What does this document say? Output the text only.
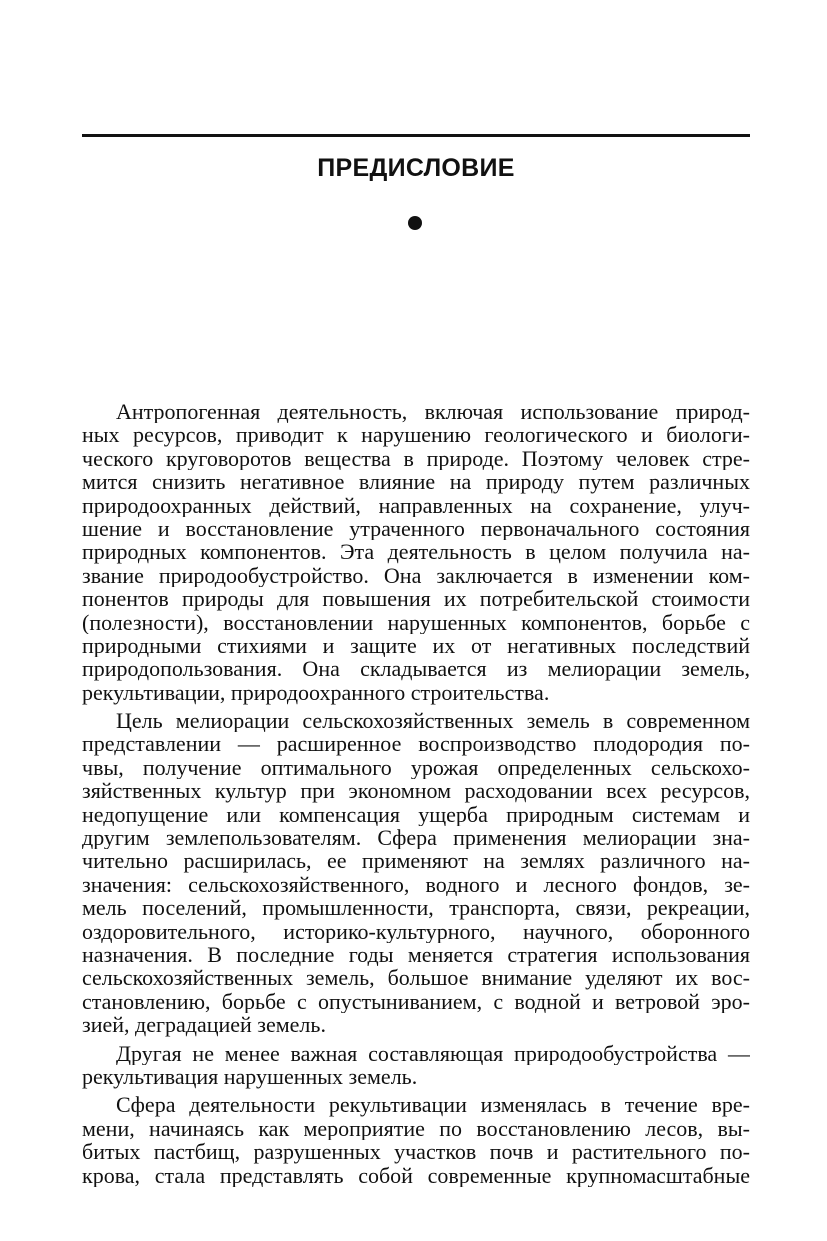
ПРЕДИСЛОВИЕ
Антропогенная деятельность, включая использование природ-
ных ресурсов, приводит к нарушению геологического и биологи-
ческого круговоротов вещества в природе. Поэтому человек стре-
мится снизить негативное влияние на природу путем различных
природоохранных действий, направленных на сохранение, улуч-
шение и восстановление утраченного первоначального состояния
природных компонентов. Эта деятельность в целом получила на-
звание природообустройство. Она заключается в изменении ком-
понентов природы для повышения их потребительской стоимости
(полезности), восстановлении нарушенных компонентов, борьбе с
природными стихиями и защите их от негативных последствий
природопользования. Она складывается из мелиорации земель,
рекультивации, природоохранного строительства.
Цель мелиорации сельскохозяйственных земель в современном
представлении — расширенное воспроизводство плодородия по-
чвы, получение оптимального урожая определенных сельскохо-
зяйственных культур при экономном расходовании всех ресурсов,
недопущение или компенсация ущерба природным системам и
другим землепользователям. Сфера применения мелиорации зна-
чительно расширилась, ее применяют на землях различного на-
значения: сельскохозяйственного, водного и лесного фондов, зе-
мель поселений, промышленности, транспорта, связи, рекреации,
оздоровительного, историко-культурного, научного, оборонного
назначения. В последние годы меняется стратегия использования
сельскохозяйственных земель, большое внимание уделяют их вос-
становлению, борьбе с опустыниванием, с водной и ветровой эро-
зией, деградацией земель.
Другая не менее важная составляющая природообустройства —
рекультивация нарушенных земель.
Сфера деятельности рекультивации изменялась в течение вре-
мени, начинаясь как мероприятие по восстановлению лесов, вы-
битых пастбищ, разрушенных участков почв и растительного по-
крова, стала представлять собой современные крупномасштабные
